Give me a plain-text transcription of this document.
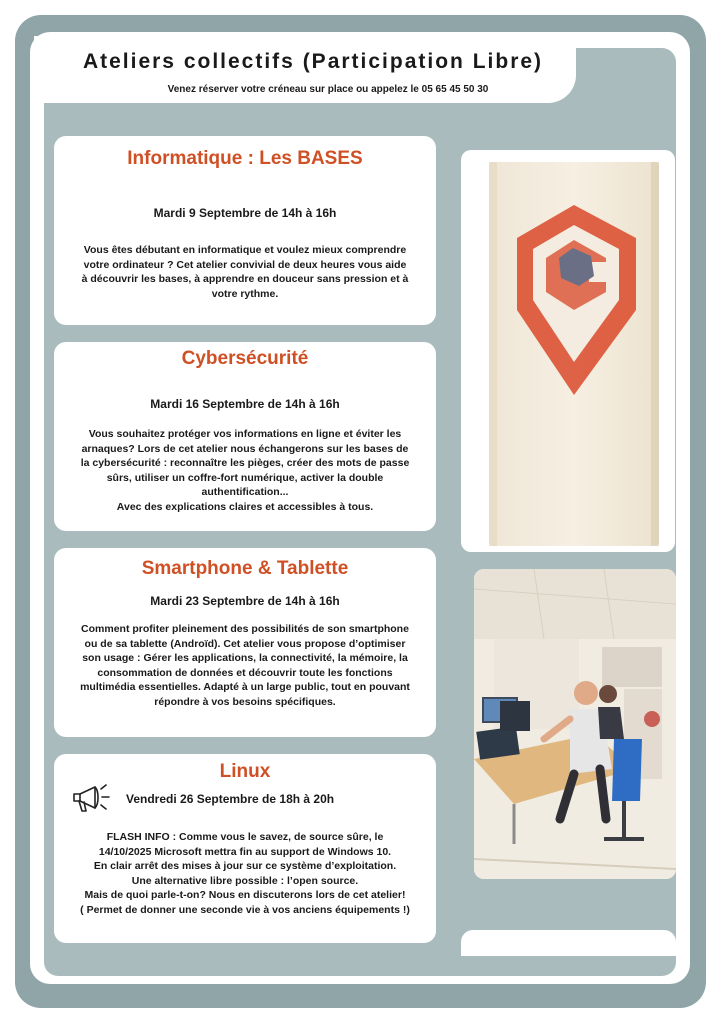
Ateliers collectifs (Participation Libre)
Venez réserver votre créneau sur place ou appelez le 05 65 45 50 30
Informatique : Les BASES
Mardi 9 Septembre de 14h à 16h
Vous êtes débutant en informatique et voulez mieux comprendre
votre ordinateur ? Cet atelier convivial de deux heures vous aide
à découvrir les bases, à apprendre en douceur sans pression et à
votre rythme.
Cybersécurité
Mardi 16 Septembre de 14h à 16h
Vous souhaitez protéger vos informations en ligne et éviter les
arnaques? Lors de cet atelier nous échangerons sur les bases de
la cybersécurité : reconnaître les pièges, créer des mots de passe
sûrs, utiliser un coffre-fort numérique, activer la double
authentification...
Avec des explications claires et accessibles à tous.
Smartphone & Tablette
Mardi 23 Septembre de 14h à 16h
Comment profiter pleinement des possibilités de son smartphone
ou de sa tablette (Androïd). Cet atelier vous propose d’optimiser
son usage : Gérer les applications, la connectivité, la mémoire, la
consommation de données et découvrir toute les fonctions
multimédia essentielles. Adapté à un large public, tout en pouvant
répondre à vos besoins spécifiques.
Linux
Vendredi 26 Septembre de 18h à 20h
FLASH INFO : Comme vous le savez, de source sûre, le
14/10/2025 Microsoft mettra fin au support de Windows 10.
En clair arrêt des mises à jour sur ce système d’exploitation.
Une alternative libre possible : l’open source.
Mais de quoi parle-t-on? Nous en discuterons lors de cet atelier!
( Permet de donner une seconde vie à vos anciens équipements !)
